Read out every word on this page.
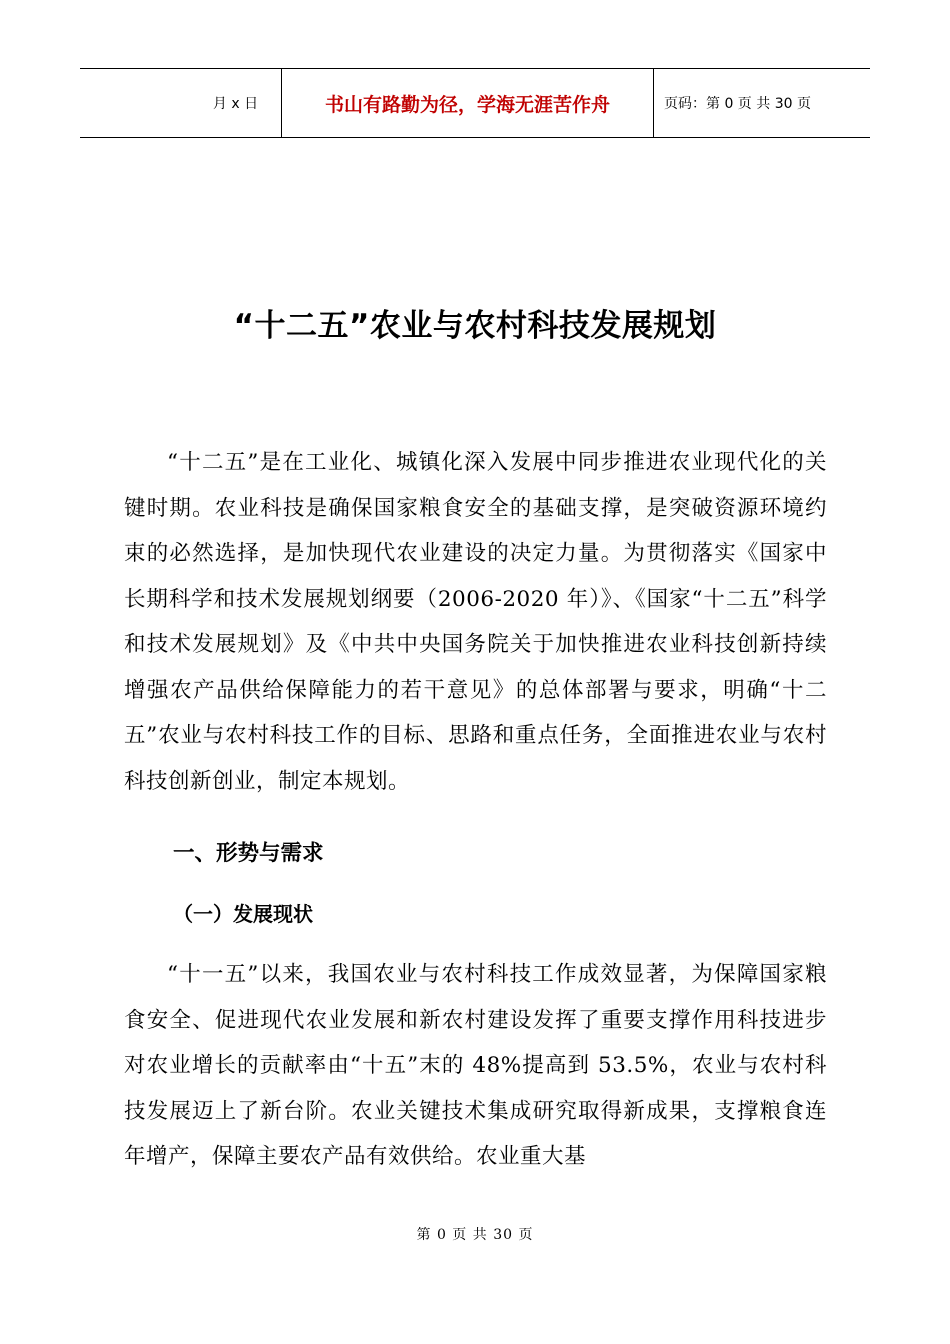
月 x 日	书山有路勤为径，学海无涯苦作舟	页码：第 0 页 共 30 页
“十二五”农业与农村科技发展规划

“十二五”是在工业化、城镇化深入发展中同步推进农业现代化的关键时期。农业科技是确保国家粮食安全的基础支撑，是突破资源环境约束的必然选择，是加快现代农业建设的决定力量。为贯彻落实《国家中长期科学和技术发展规划纲要（2006-2020 年）》、《国家“十二五”科学和技术发展规划》及《中共中央国务院关于加快推进农业科技创新持续增强农产品供给保障能力的若干意见》的总体部署与要求，明确“十二五”农业与农村科技工作的目标、思路和重点任务，全面推进农业与农村科技创新创业，制定本规划。

一、形势与需求
（一）发展现状

“十一五”以来，我国农业与农村科技工作成效显著，为保障国家粮食安全、促进现代农业发展和新农村建设发挥了重要支撑作用科技进步对农业增长的贡献率由“十五”末的 48%提高到 53.5%，农业与农村科技发展迈上了新台阶。农业关键技术集成研究取得新成果，支撑粮食连年增产，保障主要农产品有效供给。农业重大基

第 0 页 共 30 页
